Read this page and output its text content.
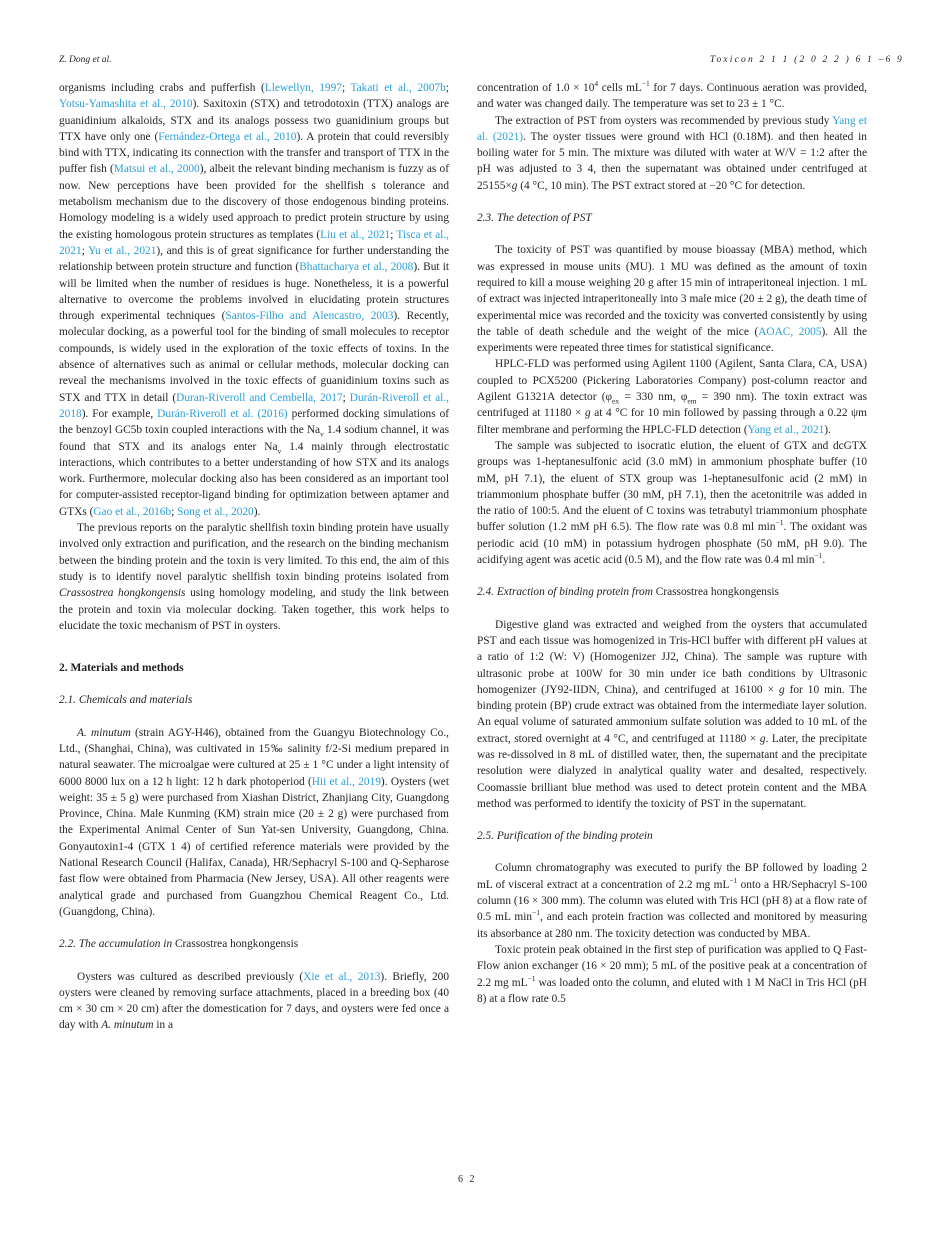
Z. Dong et al.	Toxicon 2 1 1 (2 0 2 2 ) 6 1 –6 9

organisms including crabs and pufferfish (Llewellyn, 1997; Takati et al., 2007b; Yotsu-Yamashita et al., 2010). Saxitoxin (STX) and tetrodotoxin (TTX) analogs are guanidinium alkaloids, STX and its analogs possess two guanidinium groups but TTX have only one (Fernández-Ortega et al., 2010). A protein that could reversibly bind with TTX, indicating its connection with the transfer and transport of TTX in the puffer fish (Matsui et al., 2000), albeit the relevant binding mechanism is fuzzy as of now. New perceptions have been provided for the shellfish s tolerance and metabolism mechanism due to the discovery of those endogenous binding proteins. Homology modeling is a widely used approach to predict protein structure by using the existing homologous protein structures as templates (Liu et al., 2021; Tisca et al., 2021; Yu et al., 2021), and this is of great significance for further understanding the relationship between protein structure and function (Bhattacharya et al., 2008). But it will be limited when the number of residues is huge. Nonetheless, it is a powerful alternative to overcome the problems involved in elucidating protein structures through experimental techniques (Santos-Filho and Alencastro, 2003). Recently, molecular docking, as a powerful tool for the binding of small molecules to receptor compounds, is widely used in the exploration of the toxic effects of toxins. In the absence of alternatives such as animal or cellular methods, molecular docking can reveal the mechanisms involved in the toxic effects of guanidinium toxins such as STX and TTX in detail (Duran-Riveroll and Cembella, 2017; Durán-Riveroll et al., 2018). For example, Durán-Riveroll et al. (2016) performed docking simulations of the benzoyl GC5b toxin coupled interactions with the $Na_v$ 1.4 sodium channel, it was found that STX and its analogs enter $Na_v$ 1.4 mainly through electrostatic interactions, which contributes to a better understanding of how STX and its analogs work. Furthermore, molecular docking also has been considered as an important tool for computer-assisted receptor-ligand binding for optimization between aptamer and GTXs (Gao et al., 2016b; Song et al., 2020).

The previous reports on the paralytic shellfish toxin binding protein have usually involved only extraction and purification, and the research on the binding mechanism between the binding protein and the toxin is very limited. To this end, the aim of this study is to identify novel paralytic shellfish toxin binding proteins isolated from Crassostrea hongkongensis using homology modeling, and study the link between the protein and toxin via molecular docking. Taken together, this work helps to elucidate the toxic mechanism of PST in oysters.

2. Materials and methods
2.1. Chemicals and materials

A. minutum (strain AGY-H46), obtained from the Guangyu Biotechnology Co., Ltd., (Shanghai, China), was cultivated in 15‰ salinity f/2-Si medium prepared in natural seawater. The microalgae were cultured at 25 ± 1 °C under a light intensity of 6000 8000 lux on a 12 h light: 12 h dark photoperiod (Hii et al., 2019). Oysters (wet weight: 35 ± 5 g) were purchased from Xiashan District, Zhanjiang City, Guangdong Province, China. Male Kunming (KM) strain mice (20 ± 2 g) were purchased from the Experimental Animal Center of Sun Yat-sen University, Guangdong, China. Gonyautoxin1-4 (GTX 1 4) of certified reference materials were provided by the National Research Council (Halifax, Canada), HR/Sephacryl S-100 and Q-Sepharose fast flow were obtained from Pharmacia (New Jersey, USA). All other reagents were analytical grade and purchased from Guangzhou Chemical Reagent Co., Ltd. (Guangdong, China).

2.2. The accumulation in Crassostrea hongkongensis

Oysters was cultured as described previously (Xie et al., 2013). Briefly, 200 oysters were cleaned by removing surface attachments, placed in a breeding box (40 cm × 30 cm × 20 cm) after the domestication for 7 days, and oysters were fed once a day with A. minutum in a

concentration of $1.0 \times 10^4$ cells $mL^{-1}$ for 7 days. Continuous aeration was provided, and water was changed daily. The temperature was set to 23 ± 1 °C.

The extraction of PST from oysters was recommended by previous study Yang et al. (2021). The oyster tissues were ground with HCl (0.18M). and then heated in boiling water for 5 min. The mixture was diluted with water at W/V = 1:2 after the pH was adjusted to 3 4, then the supernatant was obtained under centrifuged at 25155×g (4 °C, 10 min). The PST extract stored at −20 °C for detection.

2.3. The detection of PST

The toxicity of PST was quantified by mouse bioassay (MBA) method, which was expressed in mouse units (MU). 1 MU was defined as the amount of toxin required to kill a mouse weighing 20 g after 15 min of intraperitoneal injection. 1 mL of extract was injected intraperitoneally into 3 male mice (20 ± 2 g), the death time of experimental mice was recorded and the toxicity was converted consistently by using the table of death schedule and the weight of the mice (AOAC, 2005). All the experiments were repeated three times for statistical significance.

HPLC-FLD was performed using Agilent 1100 (Agilent, Santa Clara, CA, USA) coupled to PCX5200 (Pickering Laboratories Company) post-column reactor and Agilent G1321A detector ($\varphi_{ex} = 330$ nm, $\varphi_{em} = 390$ nm). The toxin extract was centrifuged at 11180 × g at 4 °C for 10 min followed by passing through a 0.22 ψm filter membrane and performing the HPLC-FLD detection (Yang et al., 2021).

The sample was subjected to isocratic elution, the eluent of GTX and dcGTX groups was 1-heptanesulfonic acid (3.0 mM) in ammonium phosphate buffer (10 mM, pH 7.1), the eluent of STX group was 1-heptanesulfonic acid (2 mM) in triammonium phosphate buffer (30 mM, pH 7.1), then the acetonitrile was added in the ratio of 100:5. And the eluent of C toxins was tetrabutyl triammonium phosphate buffer solution (1.2 mM pH 6.5). The flow rate was 0.8 ml $\min^{-1}$. The oxidant was periodic acid (10 mM) in potassium hydrogen phosphate (50 mM, pH 9.0). The acidifying agent was acetic acid (0.5 M), and the flow rate was 0.4 ml $\min^{-1}$.

2.4. Extraction of binding protein from Crassostrea hongkongensis

Digestive gland was extracted and weighed from the oysters that accumulated PST and each tissue was homogenized in Tris-HCl buffer with different pH values at a ratio of 1:2 (W: V) (Homogenizer JJ2, China). The sample was rupture with ultrasonic probe at 100W for 30 min under ice bath conditions by Ultrasonic homogenizer (JY92-IIDN, China), and centrifuged at 16100 × g for 10 min. The binding protein (BP) crude extract was obtained from the intermediate layer solution. An equal volume of saturated ammonium sulfate solution was added to 10 mL of the extract, stored overnight at 4 °C, and centrifuged at 11180 × g. Later, the precipitate was re-dissolved in 8 mL of distilled water, then, the supernatant and the precipitate resolution were dialyzed in analytical quality water and desalted, respectively. Coomassie brilliant blue method was used to detect protein content and the MBA method was performed to identify the toxicity of PST in the supernatant.

2.5. Purification of the binding protein

Column chromatography was executed to purify the BP followed by loading 2 mL of visceral extract at a concentration of 2.2 mg $mL^{-1}$ onto a HR/Sephacryl S-100 column (16 × 300 mm). The column was eluted with Tris HCl (pH 8) at a flow rate of 0.5 mL $\min^{-1}$, and each protein fraction was collected and monitored by measuring its absorbance at 280 nm. The toxicity detection was conducted by MBA.

Toxic protein peak obtained in the first step of purification was applied to Q Fast-Flow anion exchanger (16 × 20 mm); 5 mL of the positive peak at a concentration of 2.2 mg $mL^{-1}$ was loaded onto the column, and eluted with 1 M NaCl in Tris HCl (pH 8) at a flow rate 0.5

6 2
